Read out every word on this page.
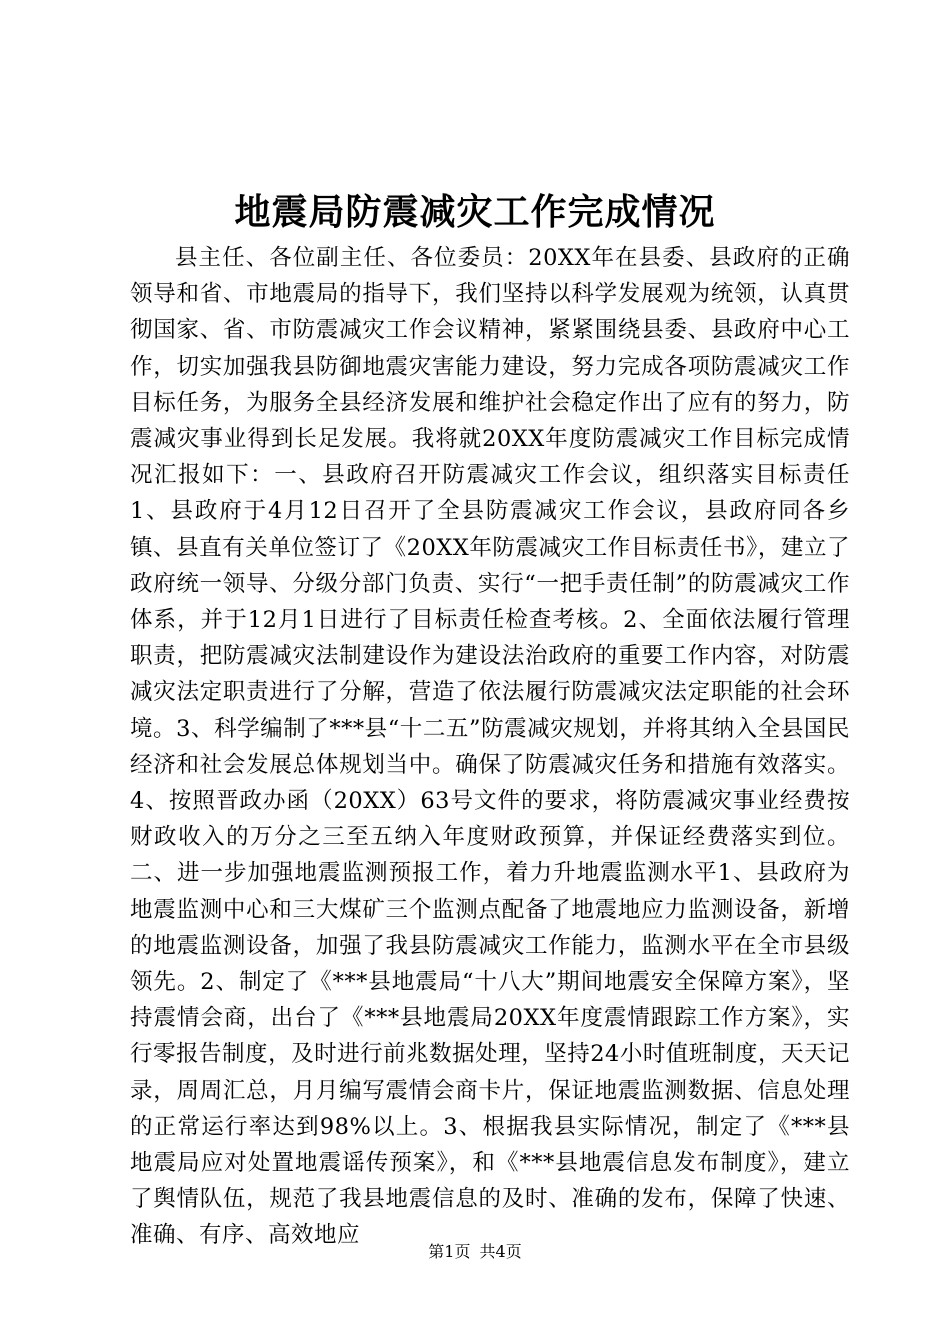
地震局防震减灾工作完成情况

县主任、各位副主任、各位委员：20XX年在县委、县政府的正确领导和省、市地震局的指导下，我们坚持以科学发展观为统领，认真贯彻国家、省、市防震减灾工作会议精神，紧紧围绕县委、县政府中心工作，切实加强我县防御地震灾害能力建设，努力完成各项防震减灾工作目标任务，为服务全县经济发展和维护社会稳定作出了应有的努力，防震减灾事业得到长足发展。我将就20XX年度防震减灾工作目标完成情况汇报如下：一、县政府召开防震减灾工作会议，组织落实目标责任1、县政府于4月12日召开了全县防震减灾工作会议，县政府同各乡镇、县直有关单位签订了《20XX年防震减灾工作目标责任书》，建立了政府统一领导、分级分部门负责、实行“一把手责任制”的防震减灾工作体系，并于12月1日进行了目标责任检查考核。2、全面依法履行管理职责，把防震减灾法制建设作为建设法治政府的重要工作内容，对防震减灾法定职责进行了分解，营造了依法履行防震减灾法定职能的社会环境。3、科学编制了***县“十二五”防震减灾规划，并将其纳入全县国民经济和社会发展总体规划当中。确保了防震减灾任务和措施有效落实。4、按照晋政办函（20XX）63号文件的要求，将防震减灾事业经费按财政收入的万分之三至五纳入年度财政预算，并保证经费落实到位。二、进一步加强地震监测预报工作，着力升地震监测水平1、县政府为地震监测中心和三大煤矿三个监测点配备了地震地应力监测设备，新增的地震监测设备，加强了我县防震减灾工作能力，监测水平在全市县级领先。2、制定了《***县地震局“十八大”期间地震安全保障方案》，坚持震情会商，出台了《***县地震局20XX年度震情跟踪工作方案》，实行零报告制度，及时进行前兆数据处理，坚持24小时值班制度，天天记录，周周汇总，月月编写震情会商卡片，保证地震监测数据、信息处理的正常运行率达到98%以上。3、根据我县实际情况，制定了《***县地震局应对处置地震谣传预案》，和《***县地震信息发布制度》，建立了舆情队伍，规范了我县地震信息的及时、准确的发布，保障了快速、准确、有序、高效地应

第1页 共4页
